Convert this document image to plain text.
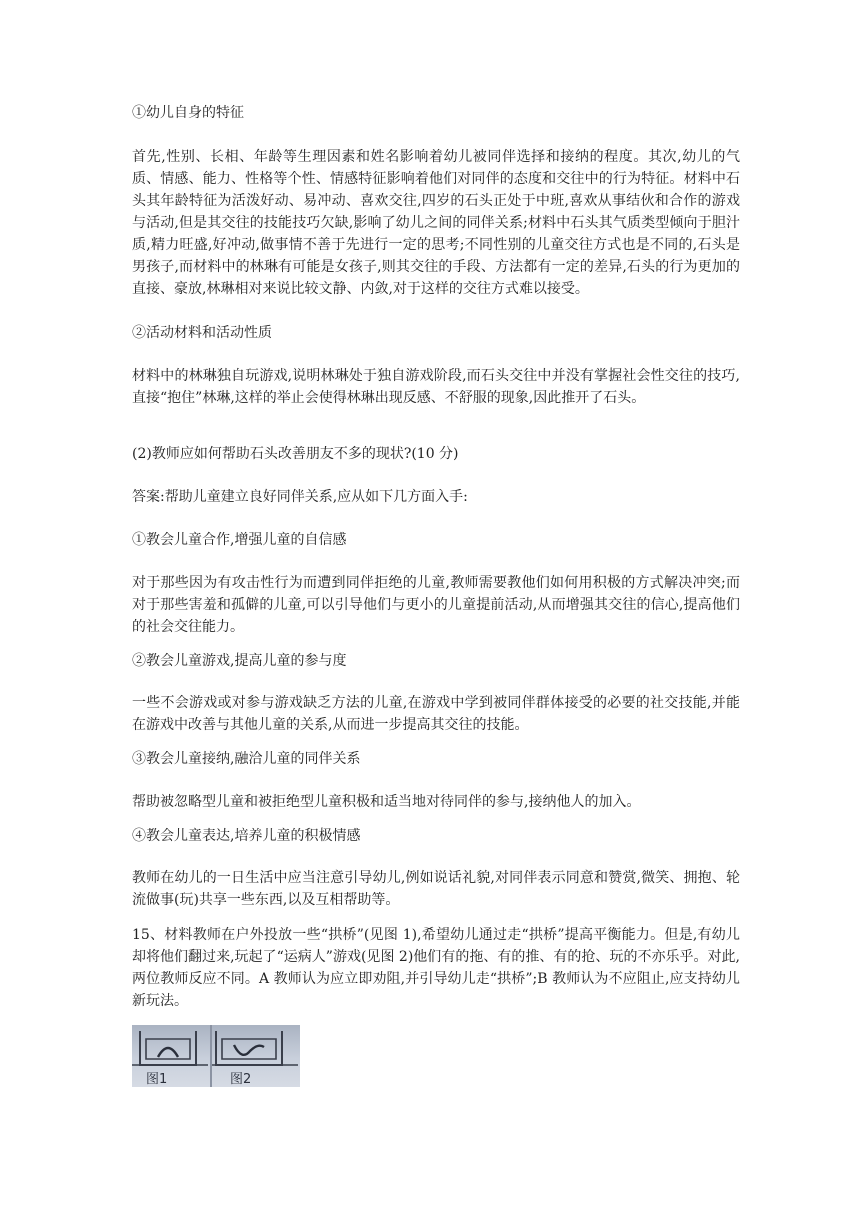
①幼儿自身的特征

首先,性别、长相、年龄等生理因素和姓名影响着幼儿被同伴选择和接纳的程度。其次,幼儿的气质、情感、能力、性格等个性、情感特征影响着他们对同伴的态度和交往中的行为特征。材料中石头其年龄特征为活泼好动、易冲动、喜欢交往,四岁的石头正处于中班,喜欢从事结伙和合作的游戏与活动,但是其交往的技能技巧欠缺,影响了幼儿之间的同伴关系;材料中石头其气质类型倾向于胆汁质,精力旺盛,好冲动,做事情不善于先进行一定的思考;不同性别的儿童交往方式也是不同的,石头是男孩子,而材料中的林琳有可能是女孩子,则其交往的手段、方法都有一定的差异,石头的行为更加的直接、豪放,林琳相对来说比较文静、内敛,对于这样的交往方式难以接受。

②活动材料和活动性质

材料中的林琳独自玩游戏,说明林琳处于独自游戏阶段,而石头交往中并没有掌握社会性交往的技巧,直接“抱住”林琳,这样的举止会使得林琳出现反感、不舒服的现象,因此推开了石头。

(2)教师应如何帮助石头改善朋友不多的现状?(10 分)

答案:帮助儿童建立良好同伴关系,应从如下几方面入手:

①教会儿童合作,增强儿童的自信感

对于那些因为有攻击性行为而遭到同伴拒绝的儿童,教师需要教他们如何用积极的方式解决冲突;而对于那些害羞和孤僻的儿童,可以引导他们与更小的儿童提前活动,从而增强其交往的信心,提高他们的社会交往能力。

②教会儿童游戏,提高儿童的参与度

一些不会游戏或对参与游戏缺乏方法的儿童,在游戏中学到被同伴群体接受的必要的社交技能,并能在游戏中改善与其他儿童的关系,从而进一步提高其交往的技能。

③教会儿童接纳,融洽儿童的同伴关系

帮助被忽略型儿童和被拒绝型儿童积极和适当地对待同伴的参与,接纳他人的加入。

④教会儿童表达,培养儿童的积极情感

教师在幼儿的一日生活中应当注意引导幼儿,例如说话礼貌,对同伴表示同意和赞赏,微笑、拥抱、轮流做事(玩)共享一些东西,以及互相帮助等。

15、材料教师在户外投放一些“拱桥”(见图 1),希望幼儿通过走“拱桥”提高平衡能力。但是,有幼儿却将他们翻过来,玩起了“运病人”游戏(见图 2)他们有的拖、有的推、有的抢、玩的不亦乐乎。对此,两位教师反应不同。A 教师认为应立即劝阻,并引导幼儿走“拱桥”;B 教师认为不应阻止,应支持幼儿新玩法。

图1	图2
